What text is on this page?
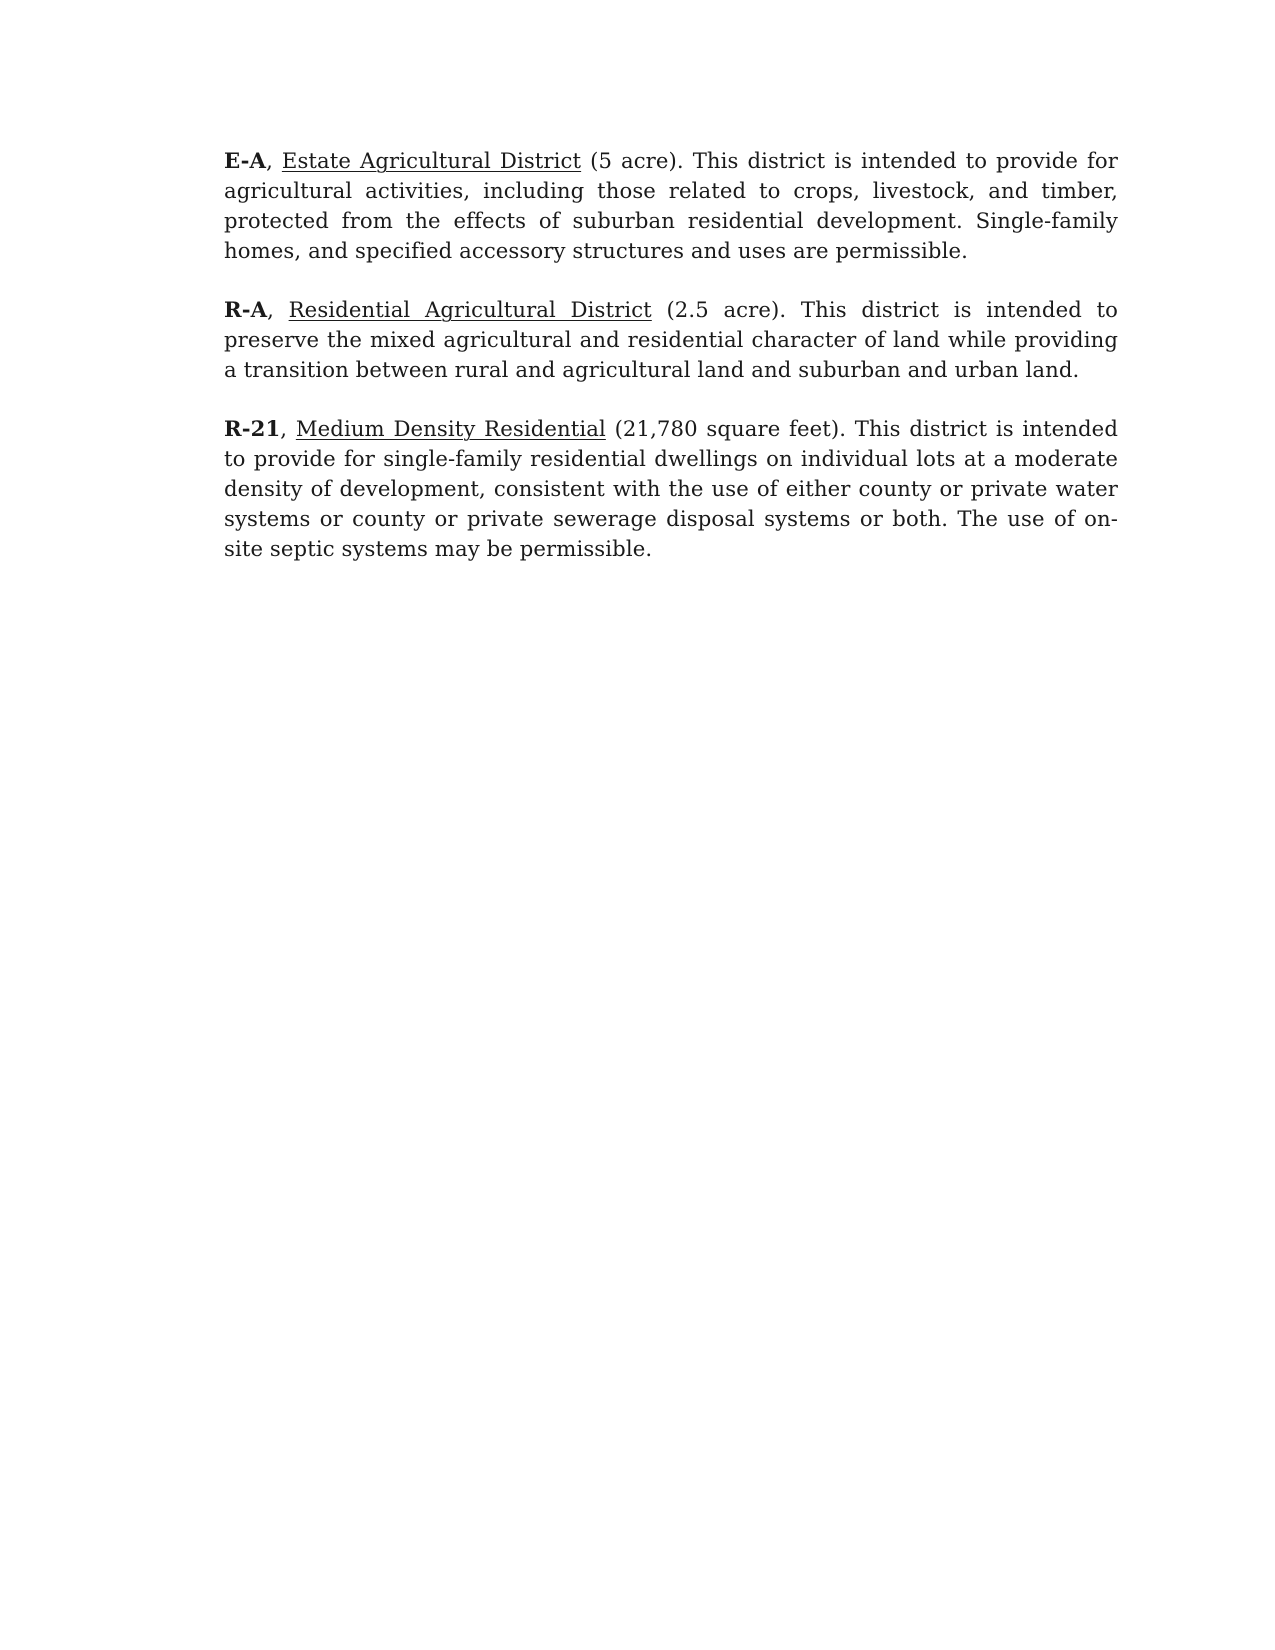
E-A, Estate Agricultural District (5 acre). This district is intended to provide for agricultural activities, including those related to crops, livestock, and timber, protected from the effects of suburban residential development. Single-family homes, and specified accessory structures and uses are permissible.

R-A, Residential Agricultural District (2.5 acre). This district is intended to preserve the mixed agricultural and residential character of land while providing a transition between rural and agricultural land and suburban and urban land.

R-21, Medium Density Residential (21,780 square feet). This district is intended to provide for single-family residential dwellings on individual lots at a moderate density of development, consistent with the use of either county or private water systems or county or private sewerage disposal systems or both. The use of on-site septic systems may be permissible.
